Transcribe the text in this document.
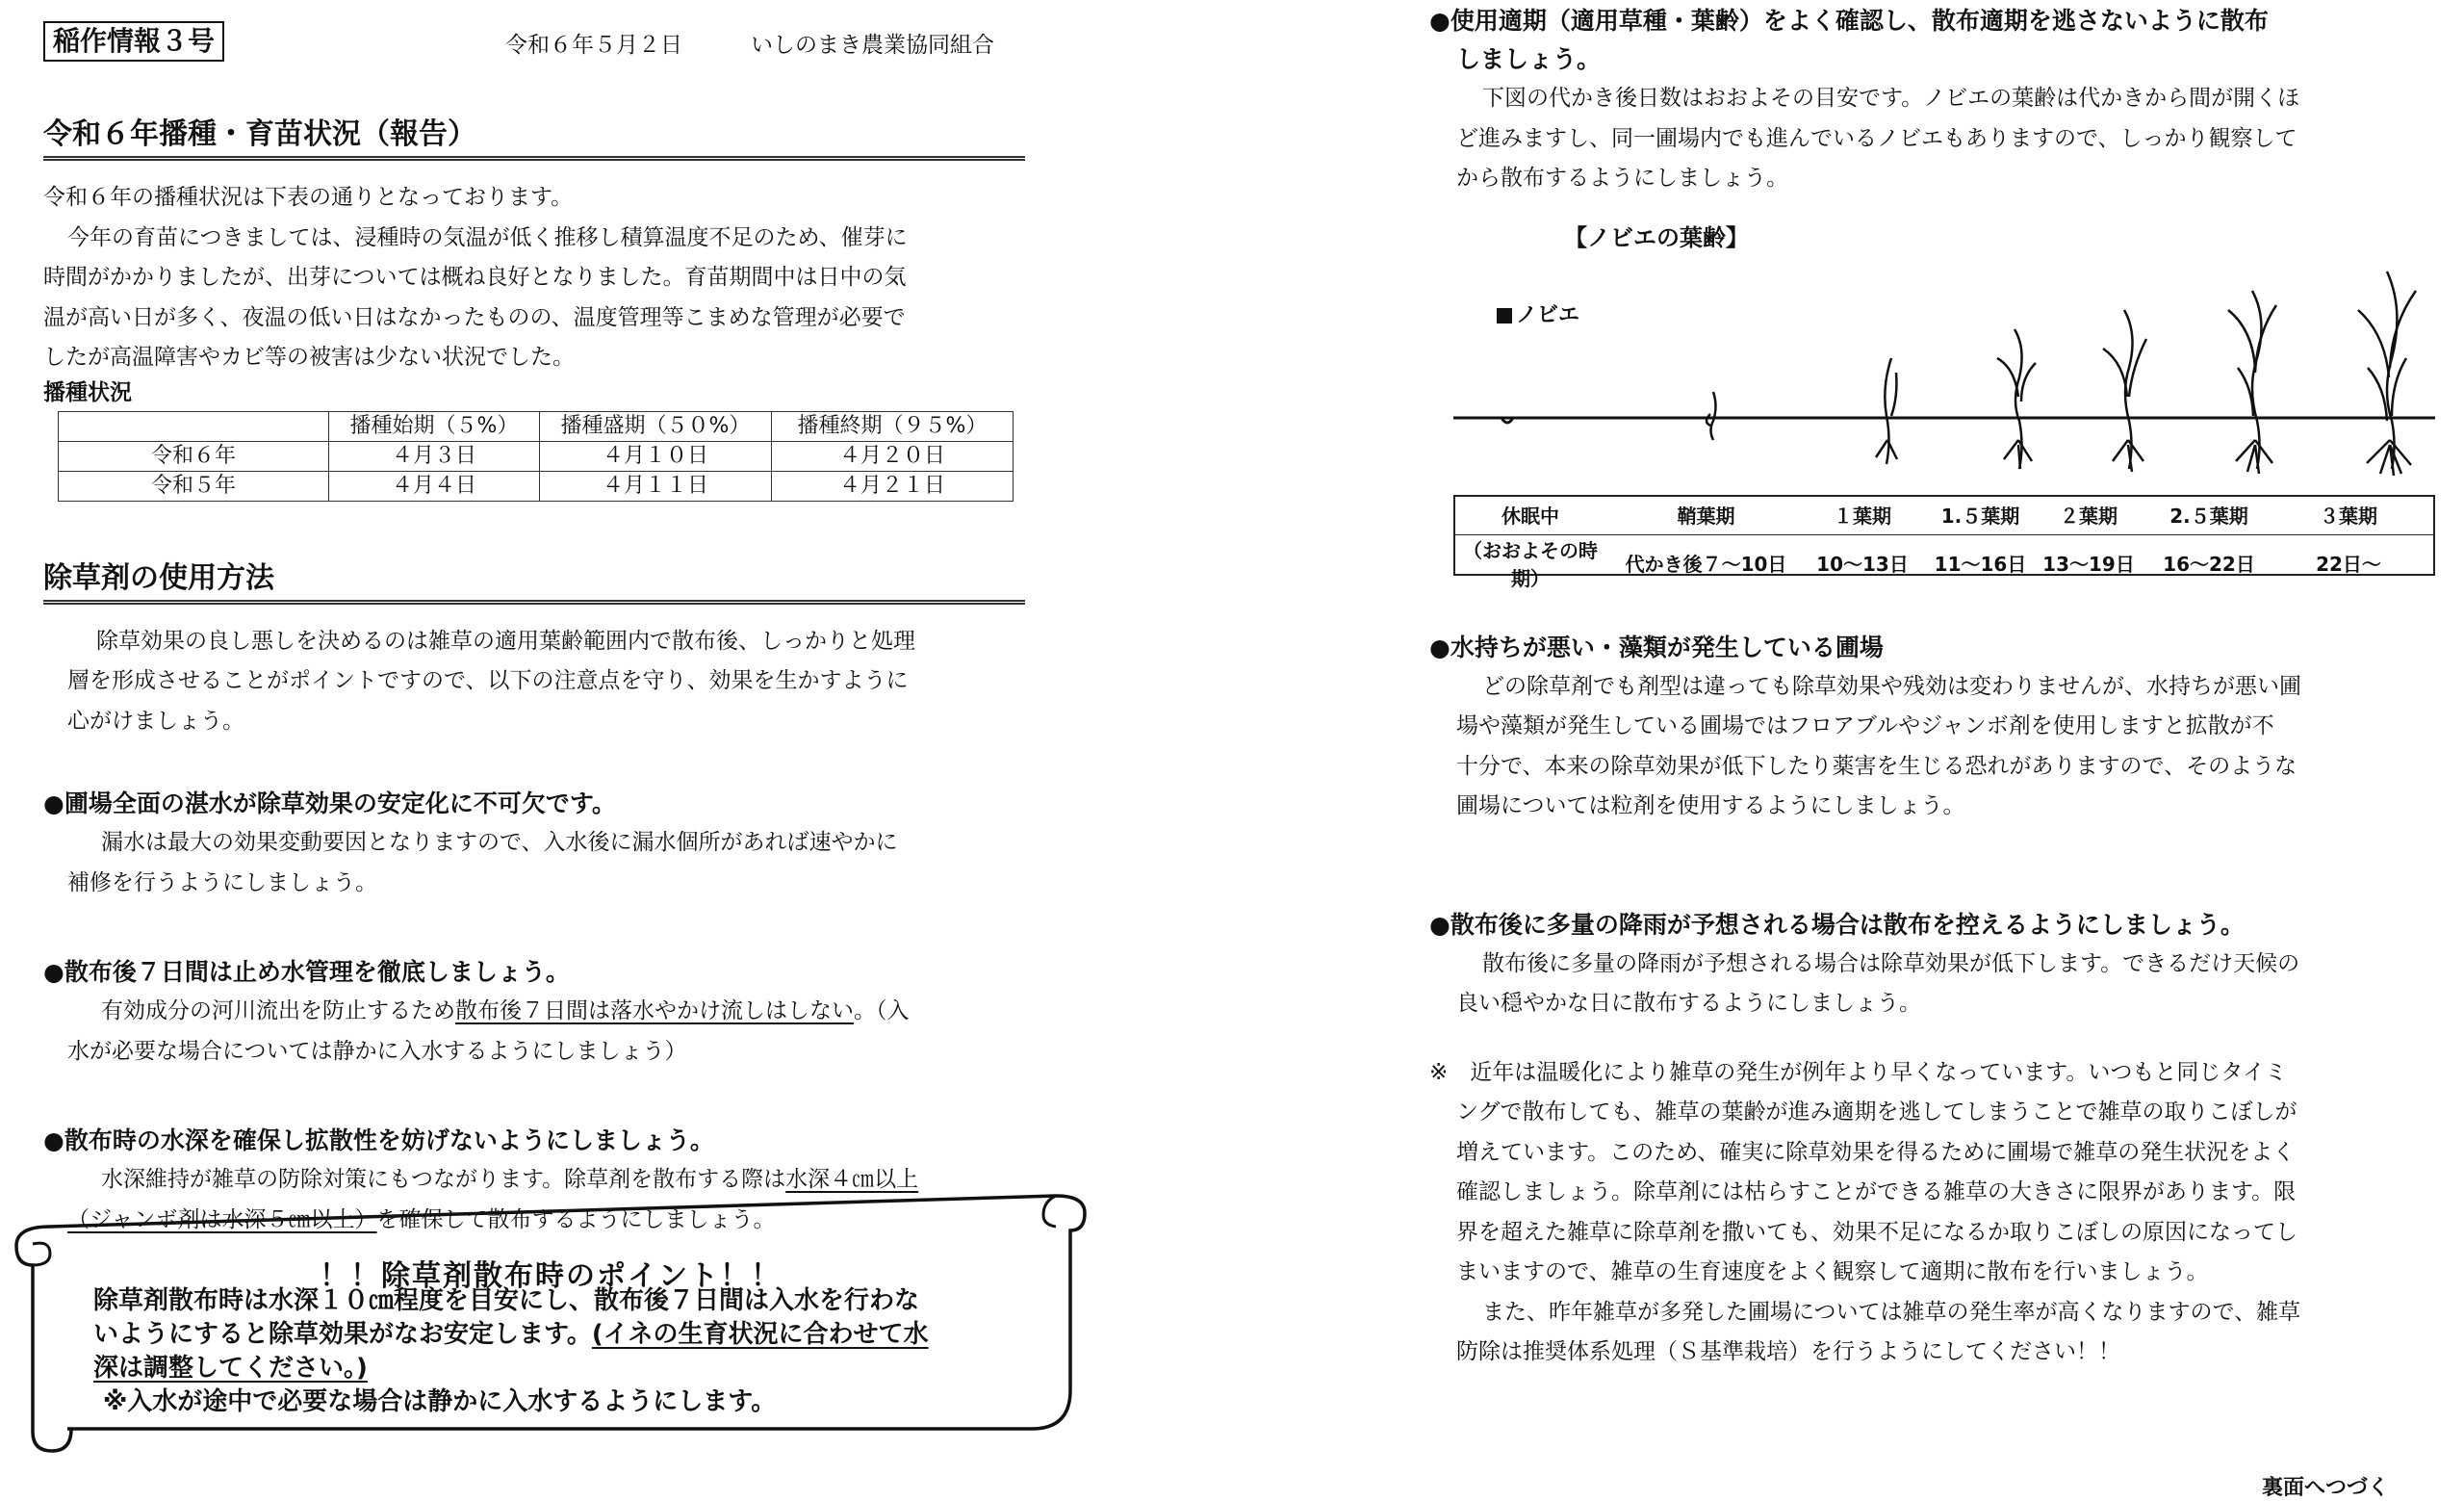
稲作情報３号	令和６年５月２日	いしのまき農業協同組合
令和６年播種・育苗状況（報告）

令和６年の播種状況は下表の通りとなっております。

今年の育苗につきましては、浸種時の気温が低く推移し積算温度不足のため、催芽に

時間がかかりましたが、出芽については概ね良好となりました。育苗期間中は日中の気

温が高い日が多く、夜温の低い日はなかったものの、温度管理等こまめな管理が必要で

したが高温障害やカビ等の被害は少ない状況でした。

播種状況

	播種始期（５%）	播種盛期（５０%）	播種終期（９５%）
令和６年	４月３日	４月１０日	４月２０日
令和５年	４月４日	４月１１日	４月２１日
除草剤の使用方法

除草効果の良し悪しを決めるのは雑草の適用葉齢範囲内で散布後、しっかりと処理

層を形成させることがポイントですので、以下の注意点を守り、効果を生かすように

心がけましょう。

●圃場全面の湛水が除草効果の安定化に不可欠です。

漏水は最大の効果変動要因となりますので、入水後に漏水個所があれば速やかに

補修を行うようにしましょう。

●散布後７日間は止め水管理を徹底しましょう。

有効成分の河川流出を防止するため散布後７日間は落水やかけ流しはしない。（入

水が必要な場合については静かに入水するようにしましょう）

●散布時の水深を確保し拡散性を妨げないようにしましょう。

水深維持が雑草の防除対策にもつながります。除草剤を散布する際は水深４㎝以上

（ジャンボ剤は水深５㎝以上）を確保して散布するようにしましょう。

！！除草剤散布時のポイント！！

除草剤散布時は水深１０㎝程度を目安にし、散布後７日間は入水を行わな

いようにすると除草効果がなお安定します。(イネの生育状況に合わせて水

深は調整してください。)

※入水が途中で必要な場合は静かに入水するようにします。

●使用適期（適用草種・葉齢）をよく確認し、散布適期を逃さないように散布

しましょう。

下図の代かき後日数はおおよその目安です。ノビエの葉齢は代かきから間が開くほ

ど進みますし、同一圃場内でも進んでいるノビエもありますので、しっかり観察して

から散布するようにしましょう。

【ノビエの葉齢】
ノビエ
休眠中	鞘葉期	１葉期	1.５葉期	２葉期	2.５葉期	３葉期
（おおよその時期）	代かき後７〜10日	10〜13日	11〜16日	13〜19日	16〜22日	22日〜

●水持ちが悪い・藻類が発生している圃場

どの除草剤でも剤型は違っても除草効果や残効は変わりませんが、水持ちが悪い圃

場や藻類が発生している圃場ではフロアブルやジャンボ剤を使用しますと拡散が不

十分で、本来の除草効果が低下したり薬害を生じる恐れがありますので、そのような

圃場については粒剤を使用するようにしましょう。

●散布後に多量の降雨が予想される場合は散布を控えるようにしましょう。

散布後に多量の降雨が予想される場合は除草効果が低下します。できるだけ天候の

良い穏やかな日に散布するようにしましょう。

※　近年は温暖化により雑草の発生が例年より早くなっています。いつもと同じタイミ

ングで散布しても、雑草の葉齢が進み適期を逃してしまうことで雑草の取りこぼしが

増えています。このため、確実に除草効果を得るために圃場で雑草の発生状況をよく

確認しましょう。除草剤には枯らすことができる雑草の大きさに限界があります。限

界を超えた雑草に除草剤を撒いても、効果不足になるか取りこぼしの原因になってし

まいますので、雑草の生育速度をよく観察して適期に散布を行いましょう。

また、昨年雑草が多発した圃場については雑草の発生率が高くなりますので、雑草

防除は推奨体系処理（Ｓ基準栽培）を行うようにしてください！！

裏面へつづく
